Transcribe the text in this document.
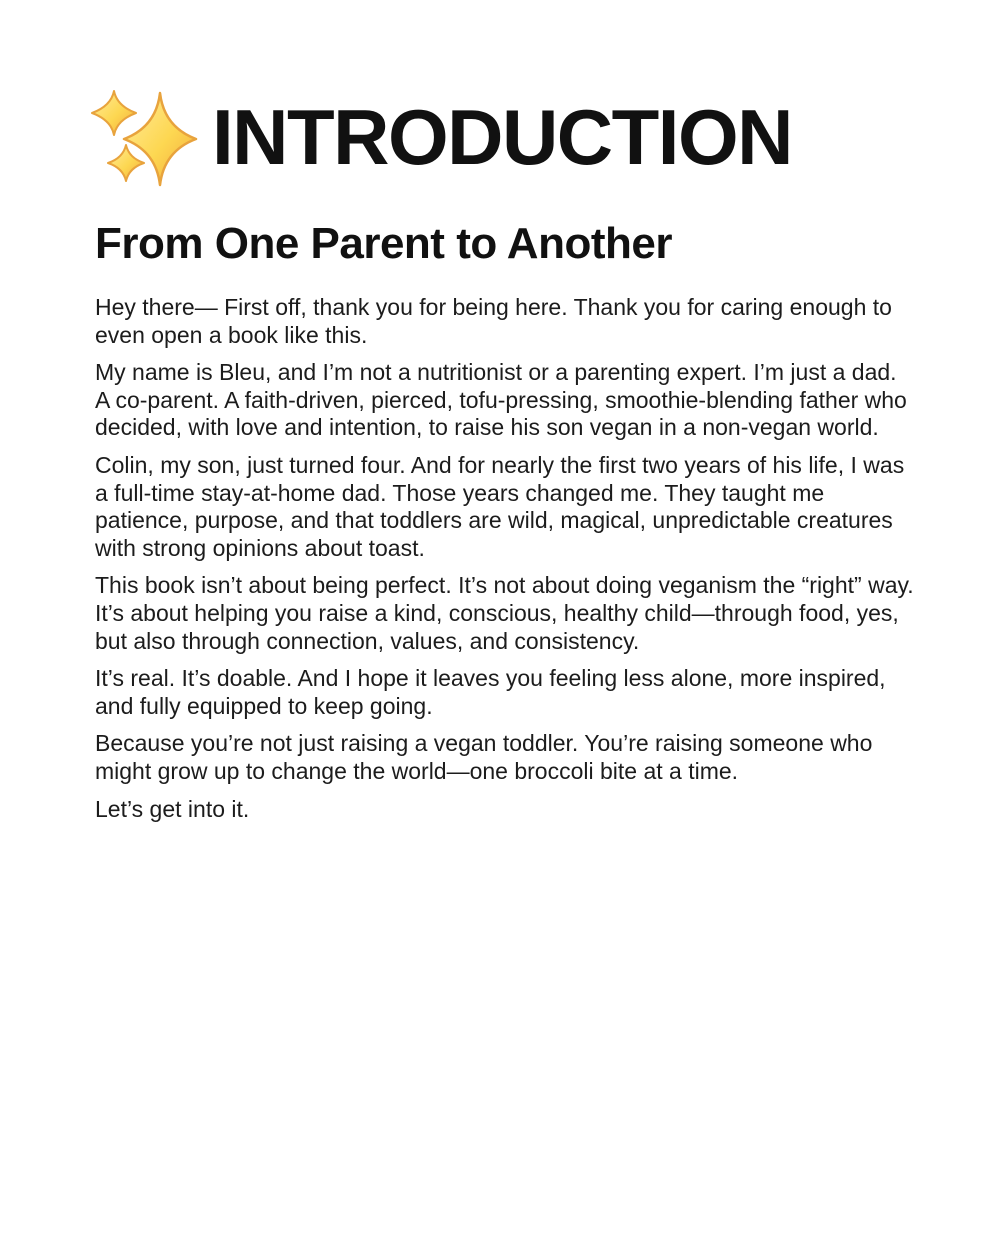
INTRODUCTION
From One Parent to Another

Hey there— First off, thank you for being here. Thank you for caring enough to even open a book like this.

My name is Bleu, and I’m not a nutritionist or a parenting expert. I’m just a dad. A co-parent. A faith-driven, pierced, tofu-pressing, smoothie-blending father who decided, with love and intention, to raise his son vegan in a non-vegan world.

Colin, my son, just turned four. And for nearly the first two years of his life, I was a full-time stay-at-home dad. Those years changed me. They taught me patience, purpose, and that toddlers are wild, magical, unpredictable creatures with strong opinions about toast.

This book isn’t about being perfect. It’s not about doing veganism the “right” way. It’s about helping you raise a kind, conscious, healthy child—through food, yes, but also through connection, values, and consistency.

It’s real. It’s doable. And I hope it leaves you feeling less alone, more inspired, and fully equipped to keep going.

Because you’re not just raising a vegan toddler. You’re raising someone who might grow up to change the world—one broccoli bite at a time.

Let’s get into it.
